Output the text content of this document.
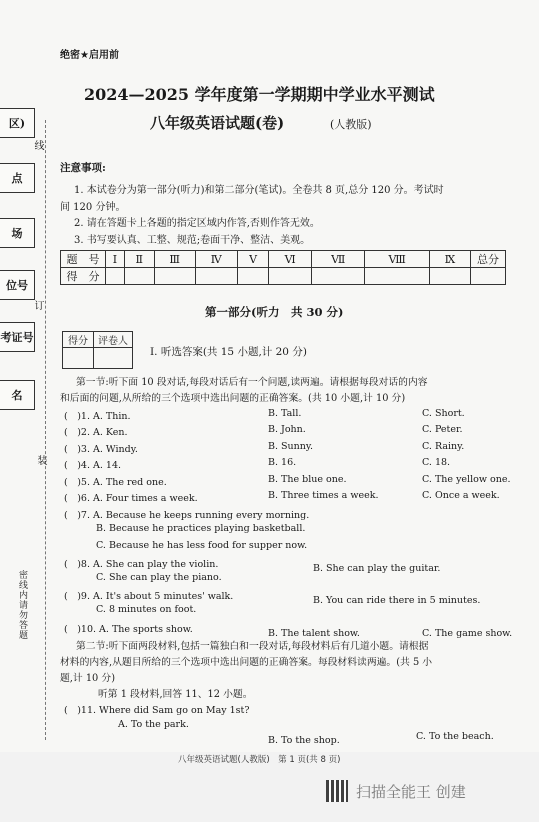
区)
点
场
位号
考证号
名
线
订
装
密线内请勿答题
绝密★启用前
2024—2025 学年度第一学期期中学业水平测试
八年级英语试题(卷)	(人教版)
注意事项:
1. 本试卷分为第一部分(听力)和第二部分(笔试)。全卷共 8 页,总分 120 分。考试时
间 120 分钟。
2. 请在答题卡上各题的指定区域内作答,否则作答无效。
3. 书写要认真、工整、规范;卷面干净、整洁、美观。
题　号	I	Ⅱ	Ⅲ	Ⅳ	Ⅴ	Ⅵ	Ⅶ	Ⅷ	Ⅸ	总分
得　分										
第一部分(听力　共 30 分)
得分	评卷人

Ⅰ. 听选答案(共 15 小题,计 20 分)
第一节:听下面 10 段对话,每段对话后有一个问题,读两遍。请根据每段对话的内容
和后面的问题,从所给的三个选项中选出问题的正确答案。(共 10 小题,计 10 分)
(　)1. A. Thin.	B. Tall.	C. Short.
(　)2. A. Ken.	B. John.	C. Peter.
(　)3. A. Windy.	B. Sunny.	C. Rainy.
(　)4. A. 14.	B. 16.	C. 18.
(　)5. A. The red one.	B. The blue one.	C. The yellow one.
(　)6. A. Four times a week.	B. Three times a week.	C. Once a week.
(　)7. A. Because he keeps running every morning.
B. Because he practices playing basketball.
C. Because he has less food for supper now.
(　)8. A. She can play the violin.	B. She can play the guitar.
C. She can play the piano.
(　)9. A. It's about 5 minutes' walk.	B. You can ride there in 5 minutes.
C. 8 minutes on foot.
(　)10. A. The sports show.	B. The talent show.	C. The game show.
第二节:听下面两段材料,包括一篇独白和一段对话,每段材料后有几道小题。请根据
材料的内容,从题目所给的三个选项中选出问题的正确答案。每段材料读两遍。(共 5 小
题,计 10 分)
听第 1 段材料,回答 11、12 小题。
(　)11. Where did Sam go on May 1st?
A. To the park.
B. To the shop.	C. To the beach.
八年级英语试题(人教版)　第 1 页(共 8 页)
扫描全能王 创建
